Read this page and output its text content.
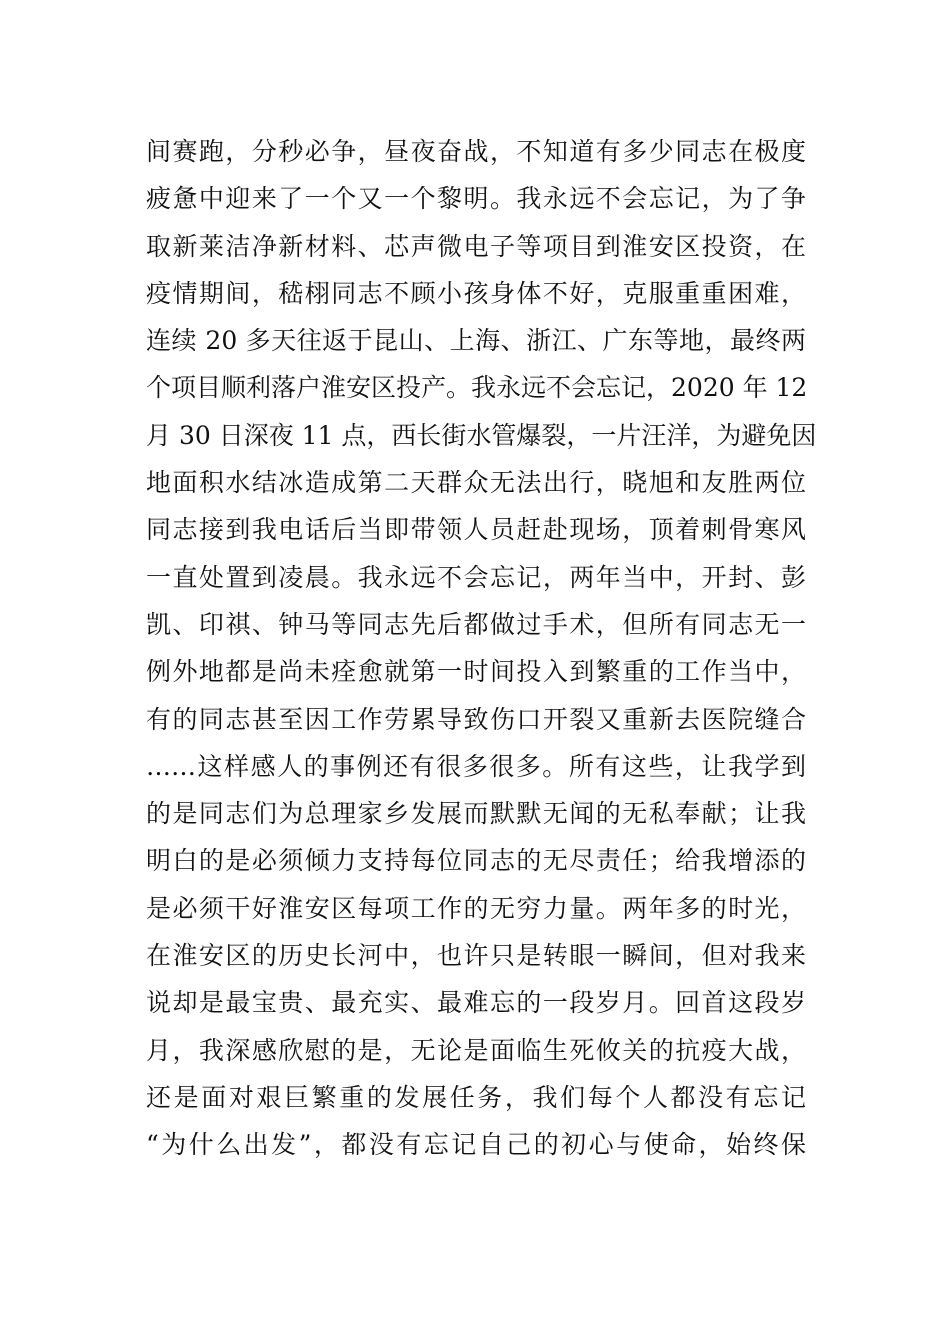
间赛跑，分秒必争，昼夜奋战，不知道有多少同志在极度
疲惫中迎来了一个又一个黎明。我永远不会忘记，为了争
取新莱洁净新材料、芯声微电子等项目到淮安区投资，在
疫情期间，嵇栩同志不顾小孩身体不好，克服重重困难，
连续 20 多天往返于昆山、上海、浙江、广东等地，最终两
个项目顺利落户淮安区投产。我永远不会忘记，2020 年 12
月 30 日深夜 11 点，西长街水管爆裂，一片汪洋，为避免因
地面积水结冰造成第二天群众无法出行，晓旭和友胜两位
同志接到我电话后当即带领人员赶赴现场，顶着刺骨寒风
一直处置到凌晨。我永远不会忘记，两年当中，开封、彭
凯、印祺、钟马等同志先后都做过手术，但所有同志无一
例外地都是尚未痊愈就第一时间投入到繁重的工作当中，
有的同志甚至因工作劳累导致伤口开裂又重新去医院缝合
……这样感人的事例还有很多很多。所有这些，让我学到
的是同志们为总理家乡发展而默默无闻的无私奉献；让我
明白的是必须倾力支持每位同志的无尽责任；给我增添的
是必须干好淮安区每项工作的无穷力量。两年多的时光，
在淮安区的历史长河中，也许只是转眼一瞬间，但对我来
说却是最宝贵、最充实、最难忘的一段岁月。回首这段岁
月，我深感欣慰的是，无论是面临生死攸关的抗疫大战，
还是面对艰巨繁重的发展任务，我们每个人都没有忘记
“为什么出发”，都没有忘记自己的初心与使命，始终保
